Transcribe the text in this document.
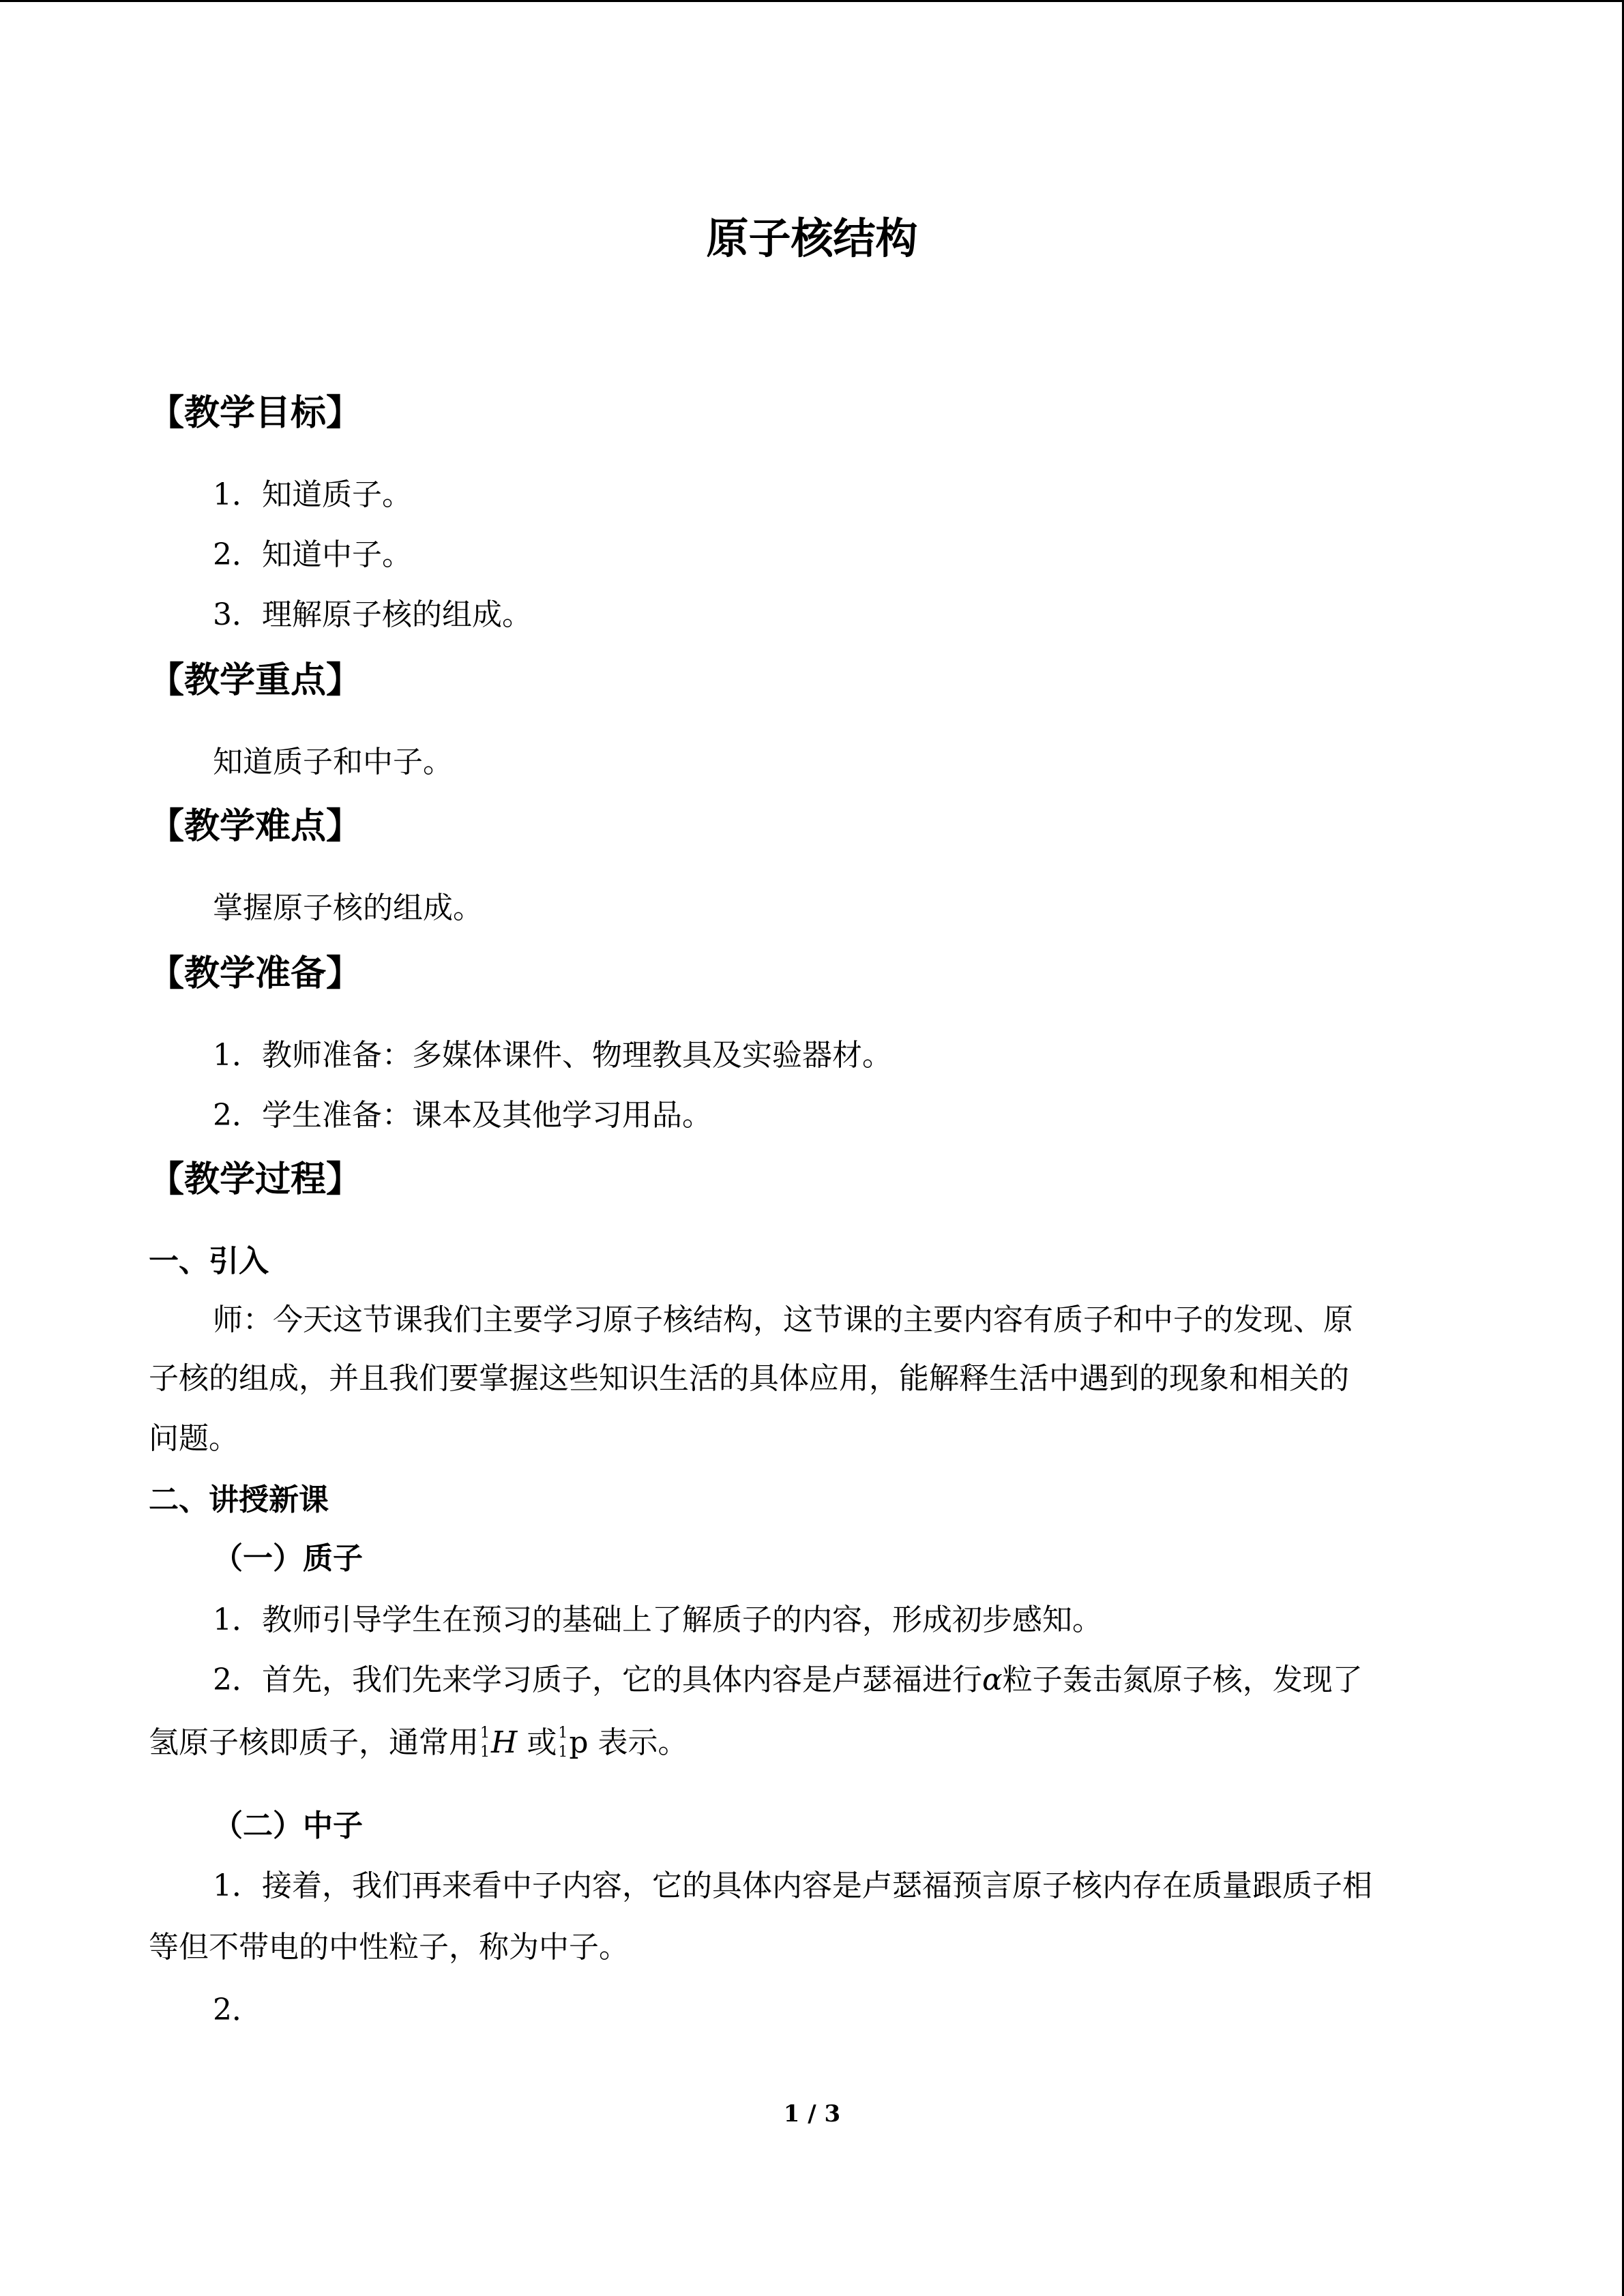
原子核结构
【教学目标】
1．知道质子。
2．知道中子。
3．理解原子核的组成。
【教学重点】
知道质子和中子。
【教学难点】
掌握原子核的组成。
【教学准备】
1．教师准备：多媒体课件、物理教具及实验器材。
2．学生准备：课本及其他学习用品。
【教学过程】
一、引入
师：今天这节课我们主要学习原子核结构，这节课的主要内容有质子和中子的发现、原
子核的组成，并且我们要掌握这些知识生活的具体应用，能解释生活中遇到的现象和相关的
问题。
二、讲授新课
（一）质子
1．教师引导学生在预习的基础上了解质子的内容，形成初步感知。
2．首先，我们先来学习质子，它的具体内容是卢瑟福进行α粒子轰击氮原子核，发现了
氢原子核即质子，通常用 1
1 H 或 1
1 p 表示。
（二）中子
1．接着，我们再来看中子内容，它的具体内容是卢瑟福预言原子核内存在质量跟质子相
等但不带电的中性粒子，称为中子。
2．
1 / 3
